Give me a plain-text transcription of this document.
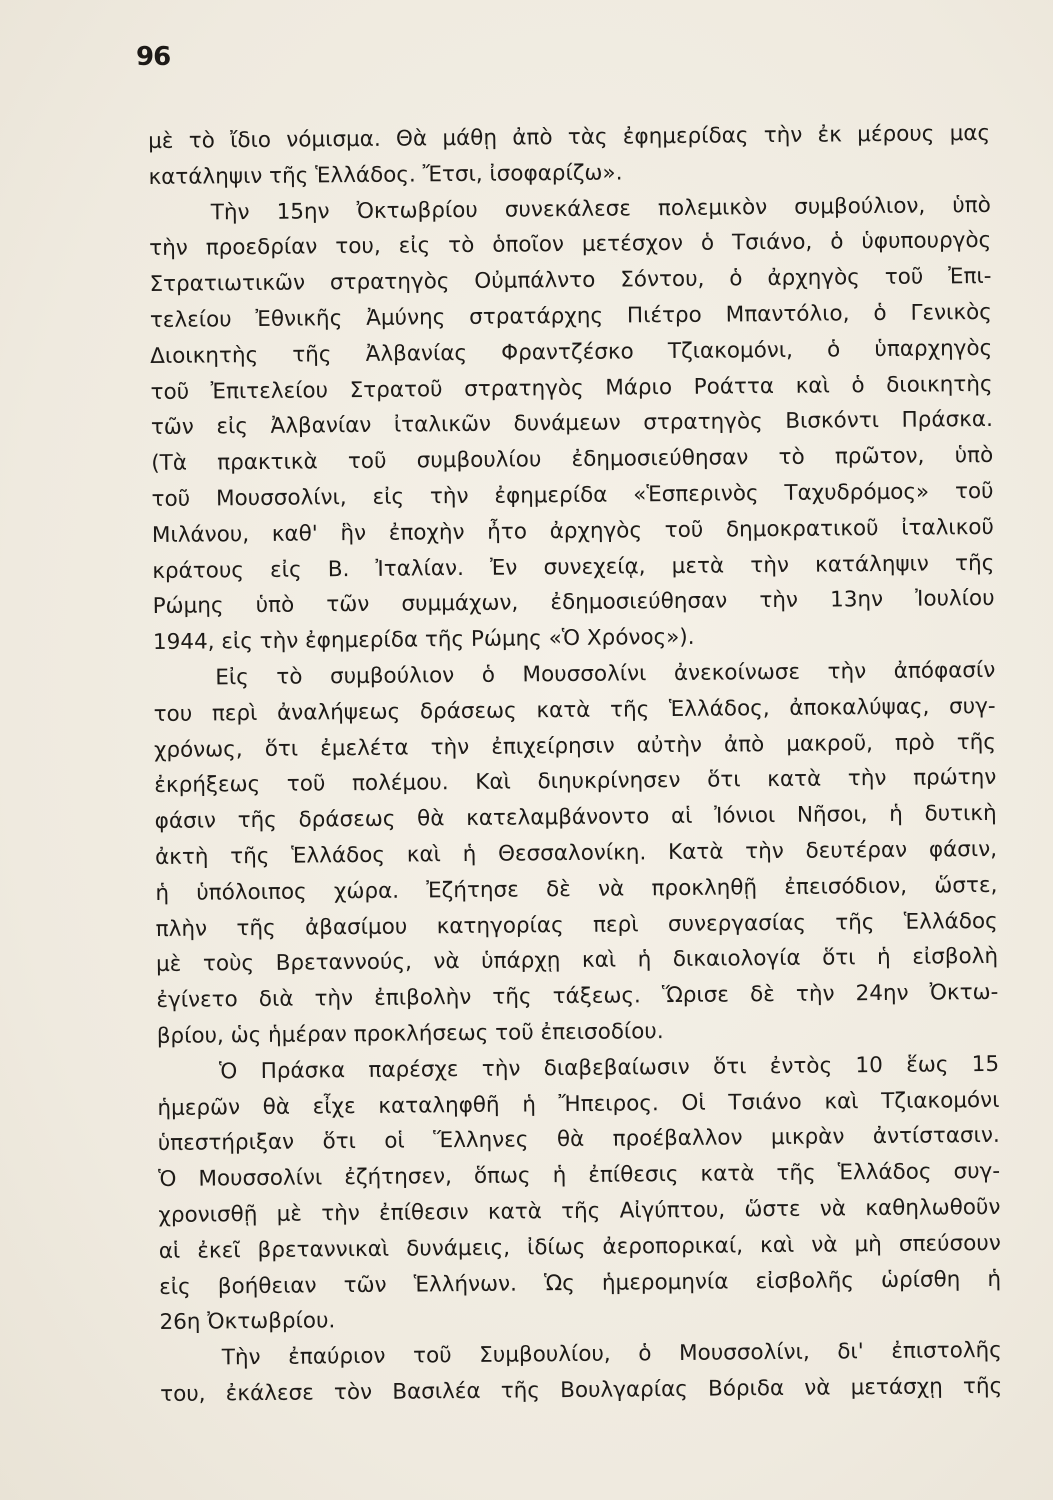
96
μὲ τὸ ἴδιο νόμισμα. Θὰ μάθῃ ἀπὸ τὰς ἐφημερίδας τὴν ἐκ μέρους μας
κατάληψιν τῆς Ἑλλάδος. Ἔτσι, ἰσοφαρίζω».
Τὴν 15ην Ὀκτωβρίου συνεκάλεσε πολεμικὸν συμβούλιον, ὑπὸ
τὴν προεδρίαν του, εἰς τὸ ὁποῖον μετέσχον ὁ Τσιάνο, ὁ ὑφυπουργὸς
Στρατιωτικῶν στρατηγὸς Οὐμπάλντο Σόντου, ὁ ἀρχηγὸς τοῦ Ἐπι-
τελείου Ἐθνικῆς Ἀμύνης στρατάρχης Πιέτρο Μπαντόλιο, ὁ Γενικὸς
Διοικητὴς τῆς Ἀλβανίας Φραντζέσκο Τζιακομόνι, ὁ ὑπαρχηγὸς
τοῦ Ἐπιτελείου Στρατοῦ στρατηγὸς Μάριο Ροάττα καὶ ὁ διοικητὴς
τῶν εἰς Ἀλβανίαν ἰταλικῶν δυνάμεων στρατηγὸς Βισκόντι Πράσκα.
(Τὰ πρακτικὰ τοῦ συμβουλίου ἐδημοσιεύθησαν τὸ πρῶτον, ὑπὸ
τοῦ Μουσσολίνι, εἰς τὴν ἐφημερίδα «Ἑσπερινὸς Ταχυδρόμος» τοῦ
Μιλάνου, καθ' ἣν ἐποχὴν ἦτο ἀρχηγὸς τοῦ δημοκρατικοῦ ἰταλικοῦ
κράτους εἰς Β. Ἰταλίαν. Ἐν συνεχείᾳ, μετὰ τὴν κατάληψιν τῆς
Ρώμης ὑπὸ τῶν συμμάχων, ἐδημοσιεύθησαν τὴν 13ην Ἰουλίου
1944, εἰς τὴν ἐφημερίδα τῆς Ρώμης «Ὁ Χρόνος»).
Εἰς τὸ συμβούλιον ὁ Μουσσολίνι ἀνεκοίνωσε τὴν ἀπόφασίν
του περὶ ἀναλήψεως δράσεως κατὰ τῆς Ἑλλάδος, ἀποκαλύψας, συγ-
χρόνως, ὅτι ἐμελέτα τὴν ἐπιχείρησιν αὐτὴν ἀπὸ μακροῦ, πρὸ τῆς
ἐκρήξεως τοῦ πολέμου. Καὶ διηυκρίνησεν ὅτι κατὰ τὴν πρώτην
φάσιν τῆς δράσεως θὰ κατελαμβάνοντο αἱ Ἰόνιοι Νῆσοι, ἡ δυτικὴ
ἀκτὴ τῆς Ἑλλάδος καὶ ἡ Θεσσαλονίκη. Κατὰ τὴν δευτέραν φάσιν,
ἡ ὑπόλοιπος χώρα. Ἐζήτησε δὲ νὰ προκληθῇ ἐπεισόδιον, ὥστε,
πλὴν τῆς ἀβασίμου κατηγορίας περὶ συνεργασίας τῆς Ἑλλάδος
μὲ τοὺς Βρεταννούς, νὰ ὑπάρχῃ καὶ ἡ δικαιολογία ὅτι ἡ εἰσβολὴ
ἐγίνετο διὰ τὴν ἐπιβολὴν τῆς τάξεως. Ὥρισε δὲ τὴν 24ην Ὀκτω-
βρίου, ὡς ἡμέραν προκλήσεως τοῦ ἐπεισοδίου.
Ὁ Πράσκα παρέσχε τὴν διαβεβαίωσιν ὅτι ἐντὸς 10 ἕως 15
ἡμερῶν θὰ εἶχε καταληφθῆ ἡ Ἤπειρος. Οἱ Τσιάνο καὶ Τζιακομόνι
ὑπεστήριξαν ὅτι οἱ Ἕλληνες θὰ προέβαλλον μικρὰν ἀντίστασιν.
Ὁ Μουσσολίνι ἐζήτησεν, ὅπως ἡ ἐπίθεσις κατὰ τῆς Ἑλλάδος συγ-
χρονισθῇ μὲ τὴν ἐπίθεσιν κατὰ τῆς Αἰγύπτου, ὥστε νὰ καθηλωθοῦν
αἱ ἐκεῖ βρεταννικαὶ δυνάμεις, ἰδίως ἀεροπορικαί, καὶ νὰ μὴ σπεύσουν
εἰς βοήθειαν τῶν Ἑλλήνων. Ὡς ἡμερομηνία εἰσβολῆς ὡρίσθη ἡ
26η Ὀκτωβρίου.
Τὴν ἐπαύριον τοῦ Συμβουλίου, ὁ Μουσσολίνι, δι' ἐπιστολῆς
του, ἐκάλεσε τὸν Βασιλέα τῆς Βουλγαρίας Βόριδα νὰ μετάσχῃ τῆς
